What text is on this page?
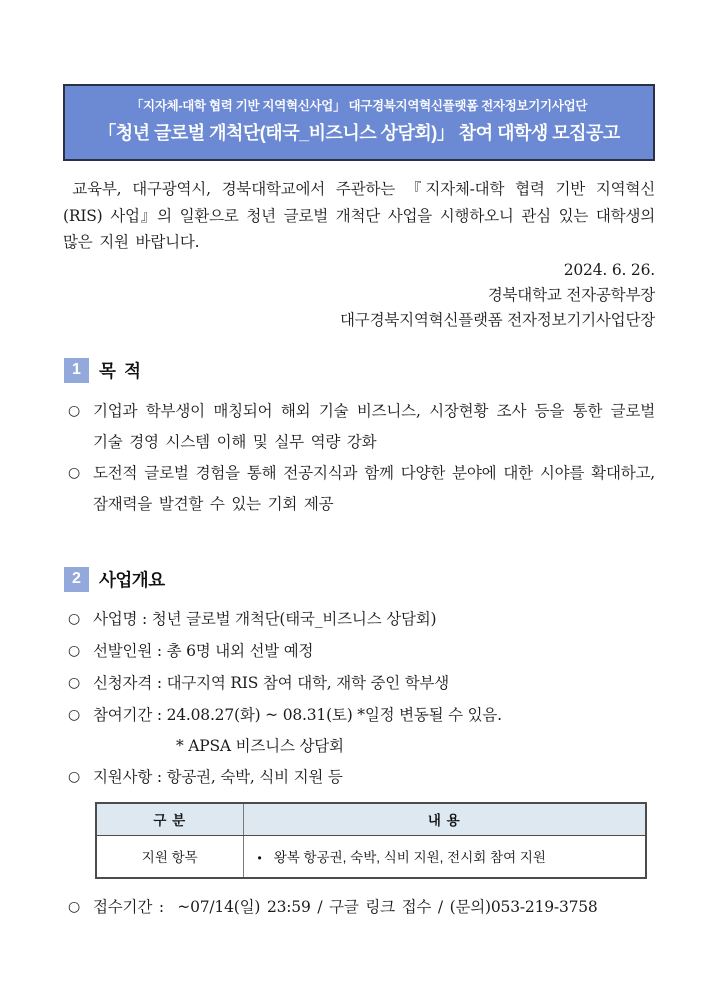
「지자체-대학 협력 기반 지역혁신사업」 대구경북지역혁신플랫폼 전자정보기기사업단
「청년 글로벌 개척단(태국_비즈니스 상담회)」 참여 대학생 모집공고

교육부, 대구광역시, 경북대학교에서 주관하는 『지자체-대학 협력 기반 지역혁신(RIS) 사업』의 일환으로 청년 글로벌 개척단 사업을 시행하오니 관심 있는 대학생의 많은 지원 바랍니다.

2024. 6. 26.
경북대학교 전자공학부장
대구경북지역혁신플랫폼 전자정보기기사업단장
1	목  적
○ 기업과 학부생이 매칭되어 해외 기술 비즈니스, 시장현황 조사 등을 통한 글로벌 기술 경영 시스템 이해 및 실무 역량 강화
○ 도전적 글로벌 경험을 통해 전공지식과 함께 다양한 분야에 대한 시야를 확대하고, 잠재력을 발견할 수 있는 기회 제공
2	사업개요
○ 사업명 : 청년 글로벌 개척단(태국_비즈니스 상담회)
○ 선발인원 : 총 6명 내외 선발 예정
○ 신청자격 : 대구지역 RIS 참여 대학, 재학 중인 학부생
○ 참여기간 : 24.08.27(화) ~ 08.31(토) *일정 변동될 수 있음.
* APSA 비즈니스 상담회
○ 지원사항 : 항공권, 숙박, 식비 지원 등
구 분	내 용
지원 항목	• 왕복 항공권, 숙박, 식비 지원, 전시회 참여 지원
○ 접수기간 :  ~07/14(일) 23:59 / 구글 링크 접수 / (문의)053-219-3758
